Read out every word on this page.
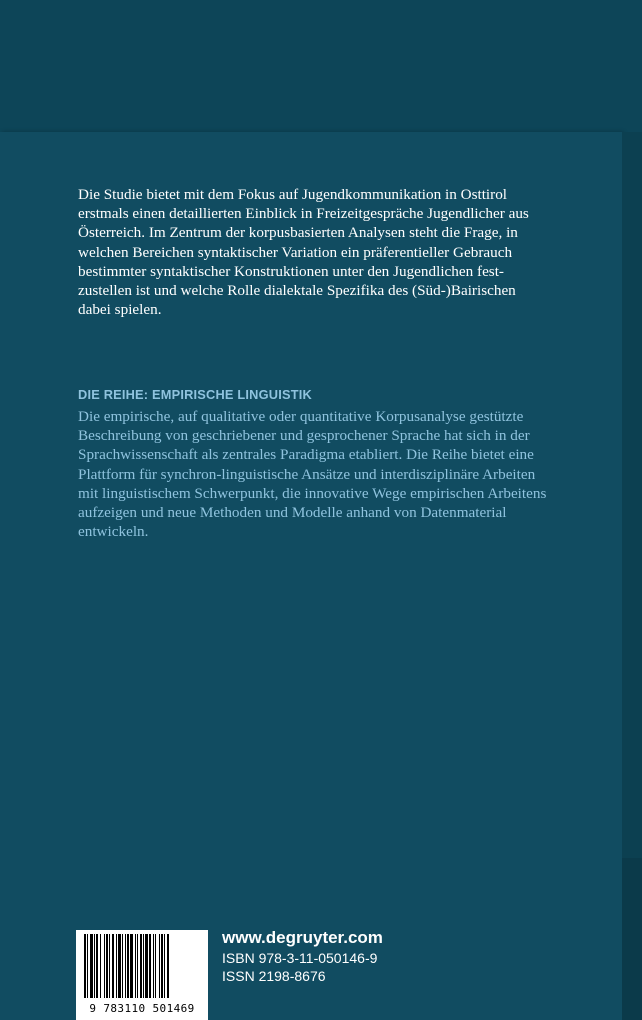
Die Studie bietet mit dem Fokus auf Jugendkommunikation in Osttirol
erstmals einen detaillierten Einblick in Freizeitgespräche Jugendlicher aus
Österreich. Im Zentrum der korpusbasierten Analysen steht die Frage, in
welchen Bereichen syntaktischer Variation ein präferentieller Gebrauch
bestimmter syntaktischer Konstruktionen unter den Jugendlichen fest-
zustellen ist und welche Rolle dialektale Spezifika des (Süd-)Bairischen
dabei spielen.
DIE REIHE: EMPIRISCHE LINGUISTIK
Die empirische, auf qualitative oder quantitative Korpusanalyse gestützte
Beschreibung von geschriebener und gesprochener Sprache hat sich in der
Sprachwissenschaft als zentrales Paradigma etabliert. Die Reihe bietet eine
Plattform für synchron-linguistische Ansätze und interdisziplinäre Arbeiten
mit linguistischem Schwerpunkt, die innovative Wege empirischen Arbeitens
aufzeigen und neue Methoden und Modelle anhand von Datenmaterial
entwickeln.
9 783110 501469
www.degruyter.com
ISBN 978-3-11-050146-9
ISSN 2198-8676
